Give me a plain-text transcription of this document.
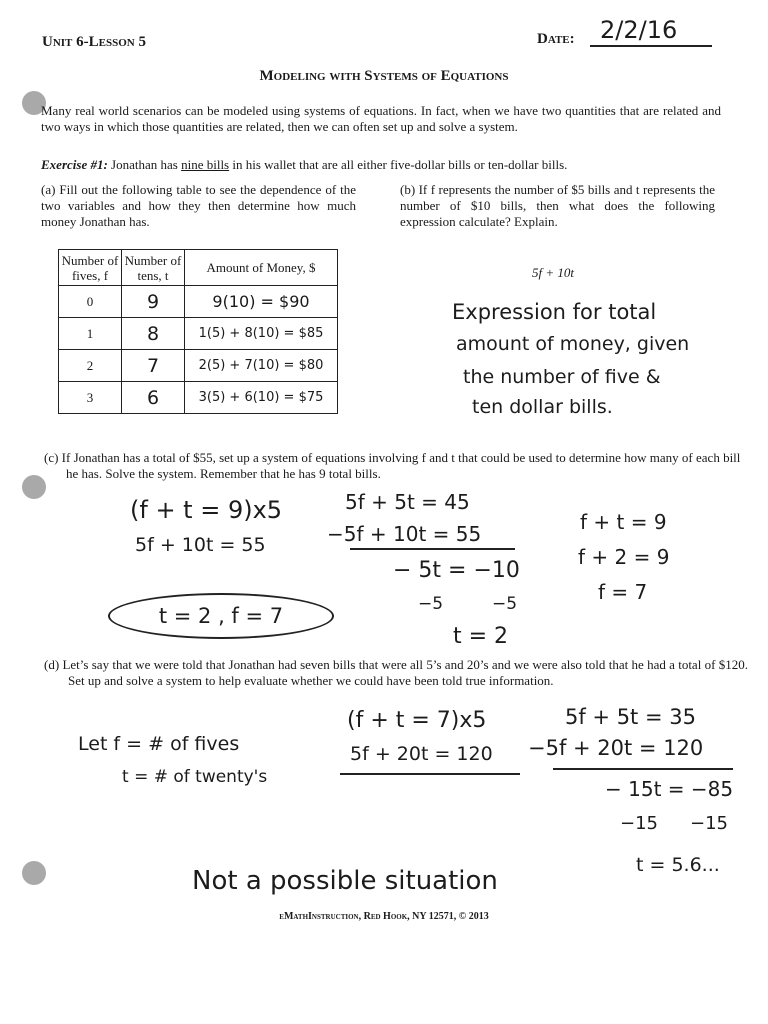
Unit 6-Lesson 5	Date: 2/2/16
Modeling with Systems of Equations
Many real world scenarios can be modeled using systems of equations. In fact, when we have two quantities that are related and two ways in which those quantities are related, then we can often set up and solve a system.
Exercise #1: Jonathan has nine bills in his wallet that are all either five-dollar bills or ten-dollar bills.
(a) Fill out the following table to see the dependence of the two variables and how they then determine how much money Jonathan has.
Number of fives, f	Number of tens, t	Amount of Money, $
0	9	9(10) = $90
1	8	1(5) + 8(10) = $85
2	7	2(5) + 7(10) = $80
3	6	3(5) + 6(10) = $75
(b) If f represents the number of $5 bills and t represents the number of $10 bills, then what does the following expression calculate? Explain.
5f + 10t
Expression for total
amount of money, given
the number of five &
ten dollar bills.
(c) If Jonathan has a total of $55, set up a system of equations involving f and t that could be used to determine how many of each bill he has. Solve the system. Remember that he has 9 total bills.
(f + t = 9)x5
5f + 10t = 55
5f + 5t = 45
−5f + 10t = 55
− 5t = −10
−5	−5
t = 2
f + t = 9
f + 2 = 9
f = 7
t = 2 , f = 7
(d) Let’s say that we were told that Jonathan had seven bills that were all 5’s and 20’s and we were also told that he had a total of $120. Set up and solve a system to help evaluate whether we could have been told true information.
Let f = # of fives
t = # of twenty's
(f + t = 7)x5
5f + 20t = 120
5f + 5t = 35
−5f + 20t = 120
− 15t = −85
−15 −15
t = 5.6...
Not a possible situation
eMathInstruction, Red Hook, NY 12571, © 2013
